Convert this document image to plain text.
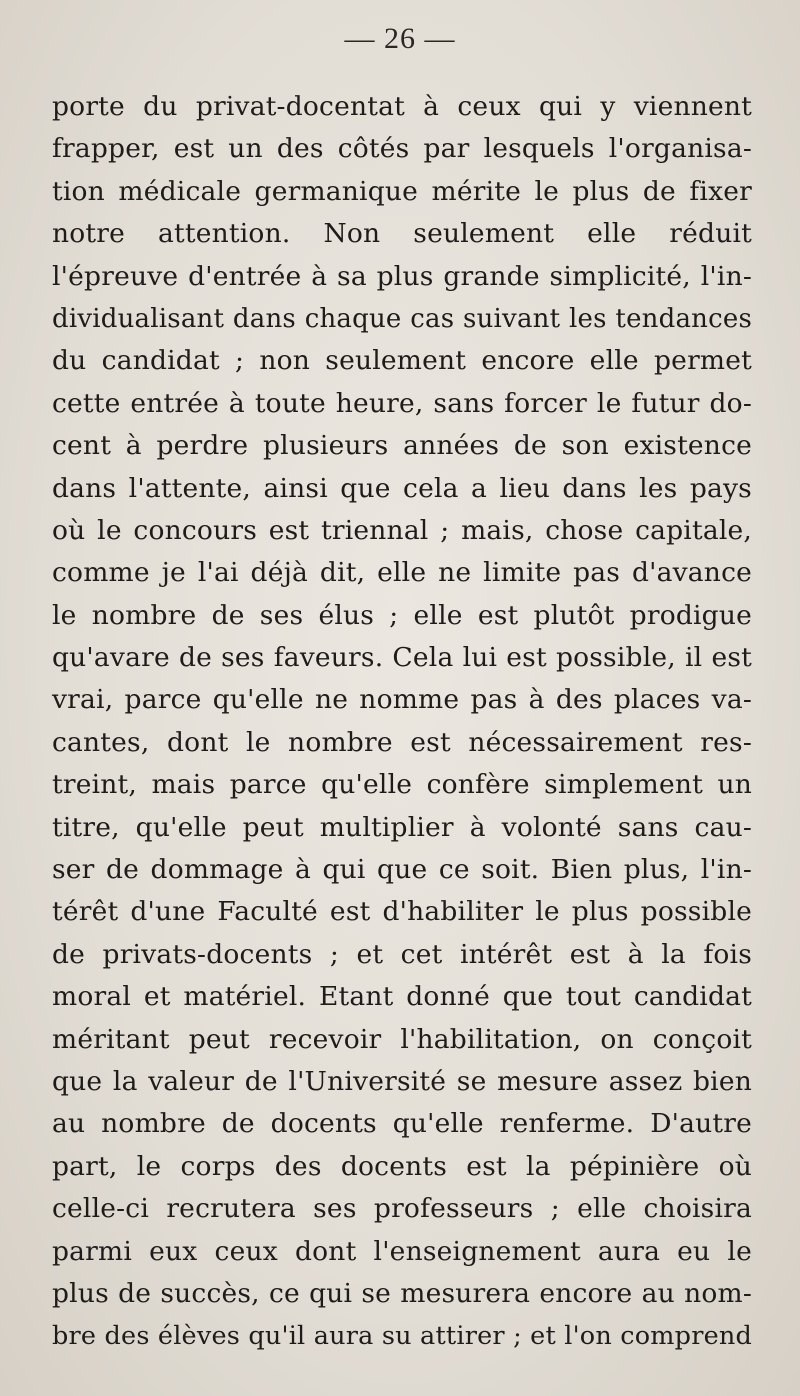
— 26 —
porte du privat-docentat à ceux qui y viennent
frapper, est un des côtés par lesquels l'organisa-
tion médicale germanique mérite le plus de fixer
notre attention. Non seulement elle réduit
l'épreuve d'entrée à sa plus grande simplicité, l'in-
dividualisant dans chaque cas suivant les tendances
du candidat ; non seulement encore elle permet
cette entrée à toute heure, sans forcer le futur do-
cent à perdre plusieurs années de son existence
dans l'attente, ainsi que cela a lieu dans les pays
où le concours est triennal ; mais, chose capitale,
comme je l'ai déjà dit, elle ne limite pas d'avance
le nombre de ses élus ; elle est plutôt prodigue
qu'avare de ses faveurs. Cela lui est possible, il est
vrai, parce qu'elle ne nomme pas à des places va-
cantes, dont le nombre est nécessairement res-
treint, mais parce qu'elle confère simplement un
titre, qu'elle peut multiplier à volonté sans cau-
ser de dommage à qui que ce soit. Bien plus, l'in-
térêt d'une Faculté est d'habiliter le plus possible
de privats-docents ; et cet intérêt est à la fois
moral et matériel. Etant donné que tout candidat
méritant peut recevoir l'habilitation, on conçoit
que la valeur de l'Université se mesure assez bien
au nombre de docents qu'elle renferme. D'autre
part, le corps des docents est la pépinière où
celle-ci recrutera ses professeurs ; elle choisira
parmi eux ceux dont l'enseignement aura eu le
plus de succès, ce qui se mesurera encore au nom-
bre des élèves qu'il aura su attirer ; et l'on comprend
